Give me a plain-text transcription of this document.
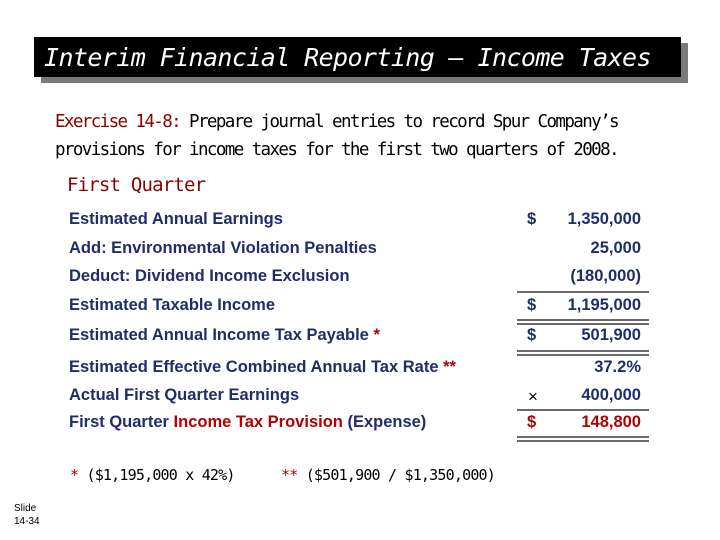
Interim Financial Reporting – Income Taxes
Exercise 14-8: Prepare journal entries to record Spur Company’s provisions for income taxes for the first two quarters of 2008.
First Quarter
Estimated Annual Earnings	$ 1,350,000
Add: Environmental Violation Penalties	25,000
Deduct: Dividend Income Exclusion	(180,000)
Estimated Taxable Income	$ 1,195,000
Estimated Annual Income Tax Payable *	$	501,900
Estimated Effective Combined Annual Tax Rate **	37.2%
Actual First Quarter Earnings	×	400,000
First Quarter Income Tax Provision (Expense)	$	148,800
* ($1,195,000 x 42%)	** ($501,900 / $1,350,000)
Slide
14-34
